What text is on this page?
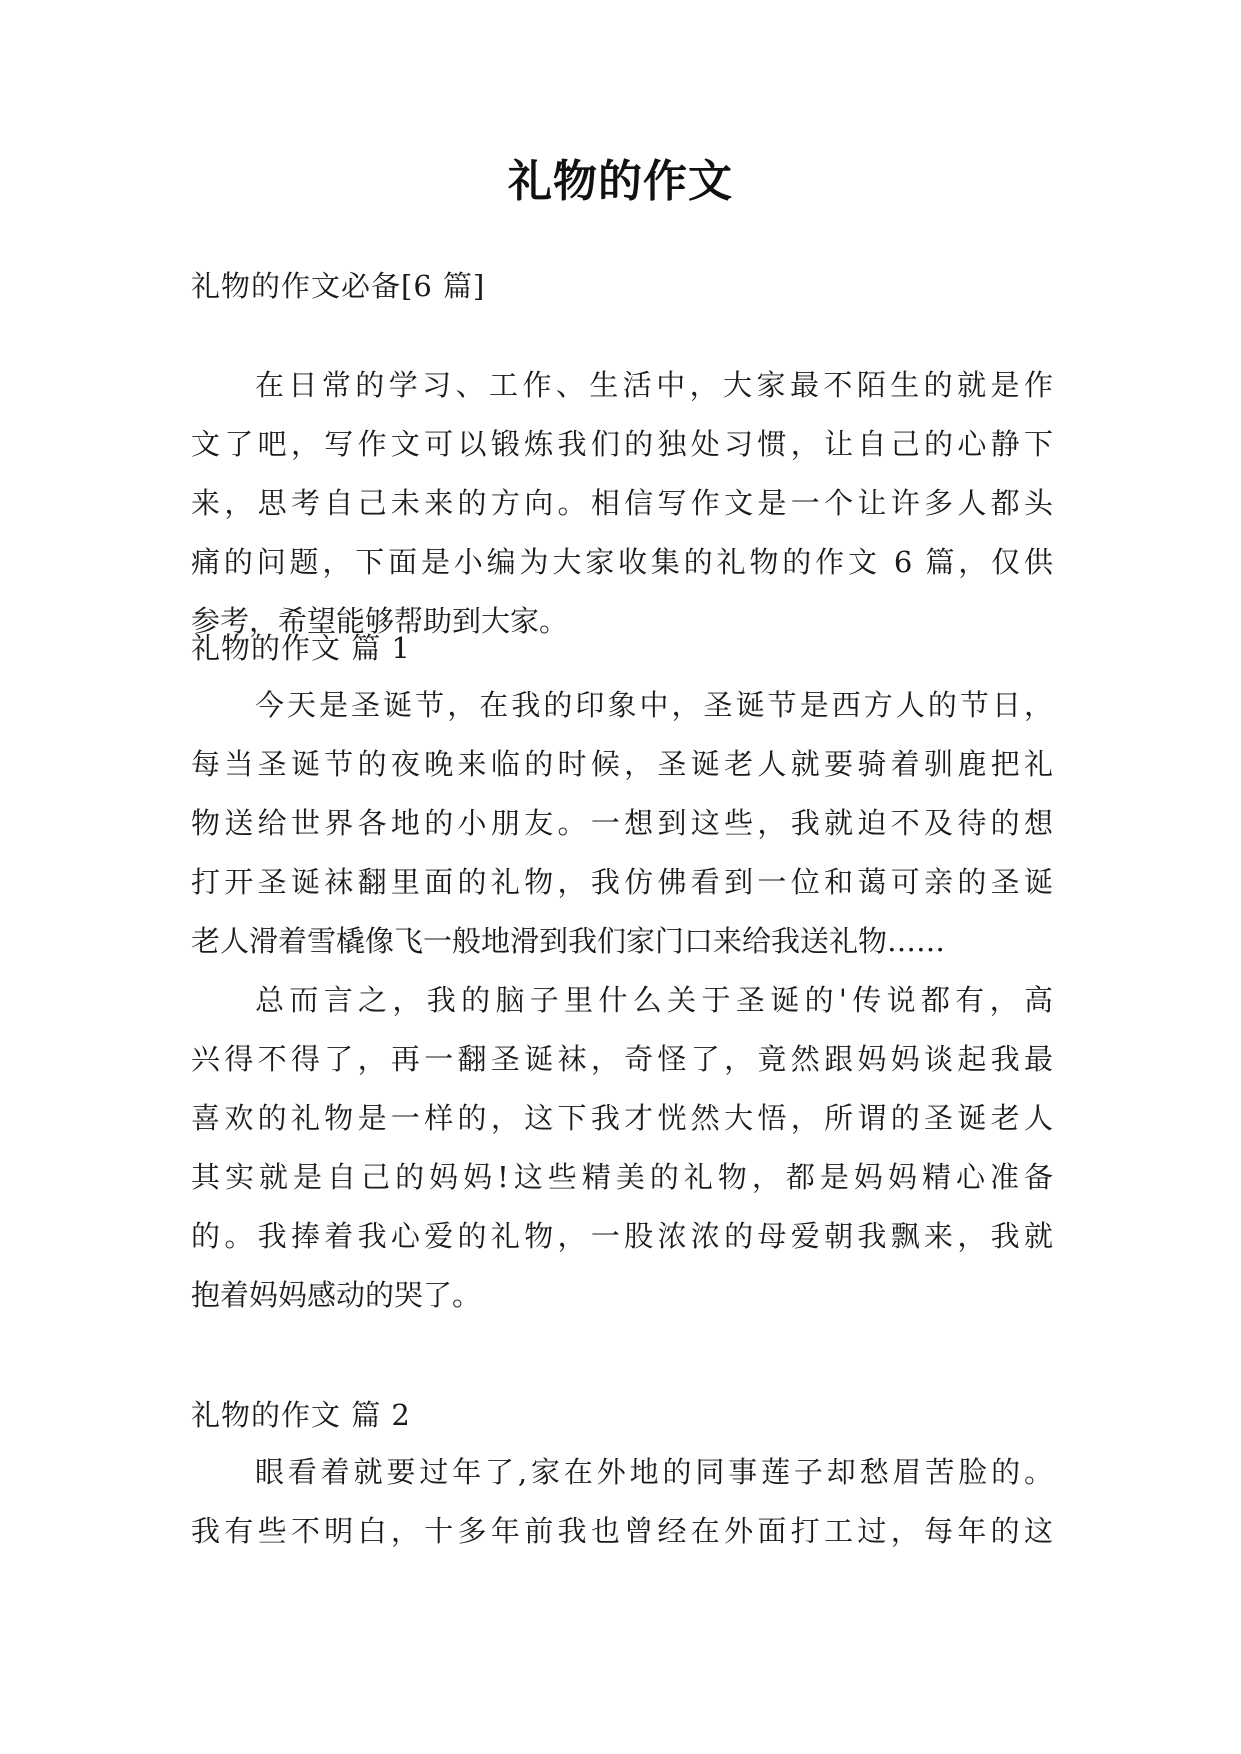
礼物的作文
礼物的作文必备[6 篇]
在日常的学习、工作、生活中，大家最不陌生的就是作
文了吧，写作文可以锻炼我们的独处习惯，让自己的心静下
来，思考自己未来的方向。相信写作文是一个让许多人都头
痛的问题，下面是小编为大家收集的礼物的作文 6 篇，仅供
参考，希望能够帮助到大家。
礼物的作文 篇 1
今天是圣诞节，在我的印象中，圣诞节是西方人的节日，
每当圣诞节的夜晚来临的时候，圣诞老人就要骑着驯鹿把礼
物送给世界各地的小朋友。一想到这些，我就迫不及待的想
打开圣诞袜翻里面的礼物，我仿佛看到一位和蔼可亲的圣诞
老人滑着雪橇像飞一般地滑到我们家门口来给我送礼物……
总而言之，我的脑子里什么关于圣诞的'传说都有，高
兴得不得了，再一翻圣诞袜，奇怪了，竟然跟妈妈谈起我最
喜欢的礼物是一样的，这下我才恍然大悟，所谓的圣诞老人
其实就是自己的妈妈!这些精美的礼物，都是妈妈精心准备
的。我捧着我心爱的礼物，一股浓浓的母爱朝我飘来，我就
抱着妈妈感动的哭了。
礼物的作文 篇 2
眼看着就要过年了,家在外地的同事莲子却愁眉苦脸的。
我有些不明白，十多年前我也曾经在外面打工过，每年的这
